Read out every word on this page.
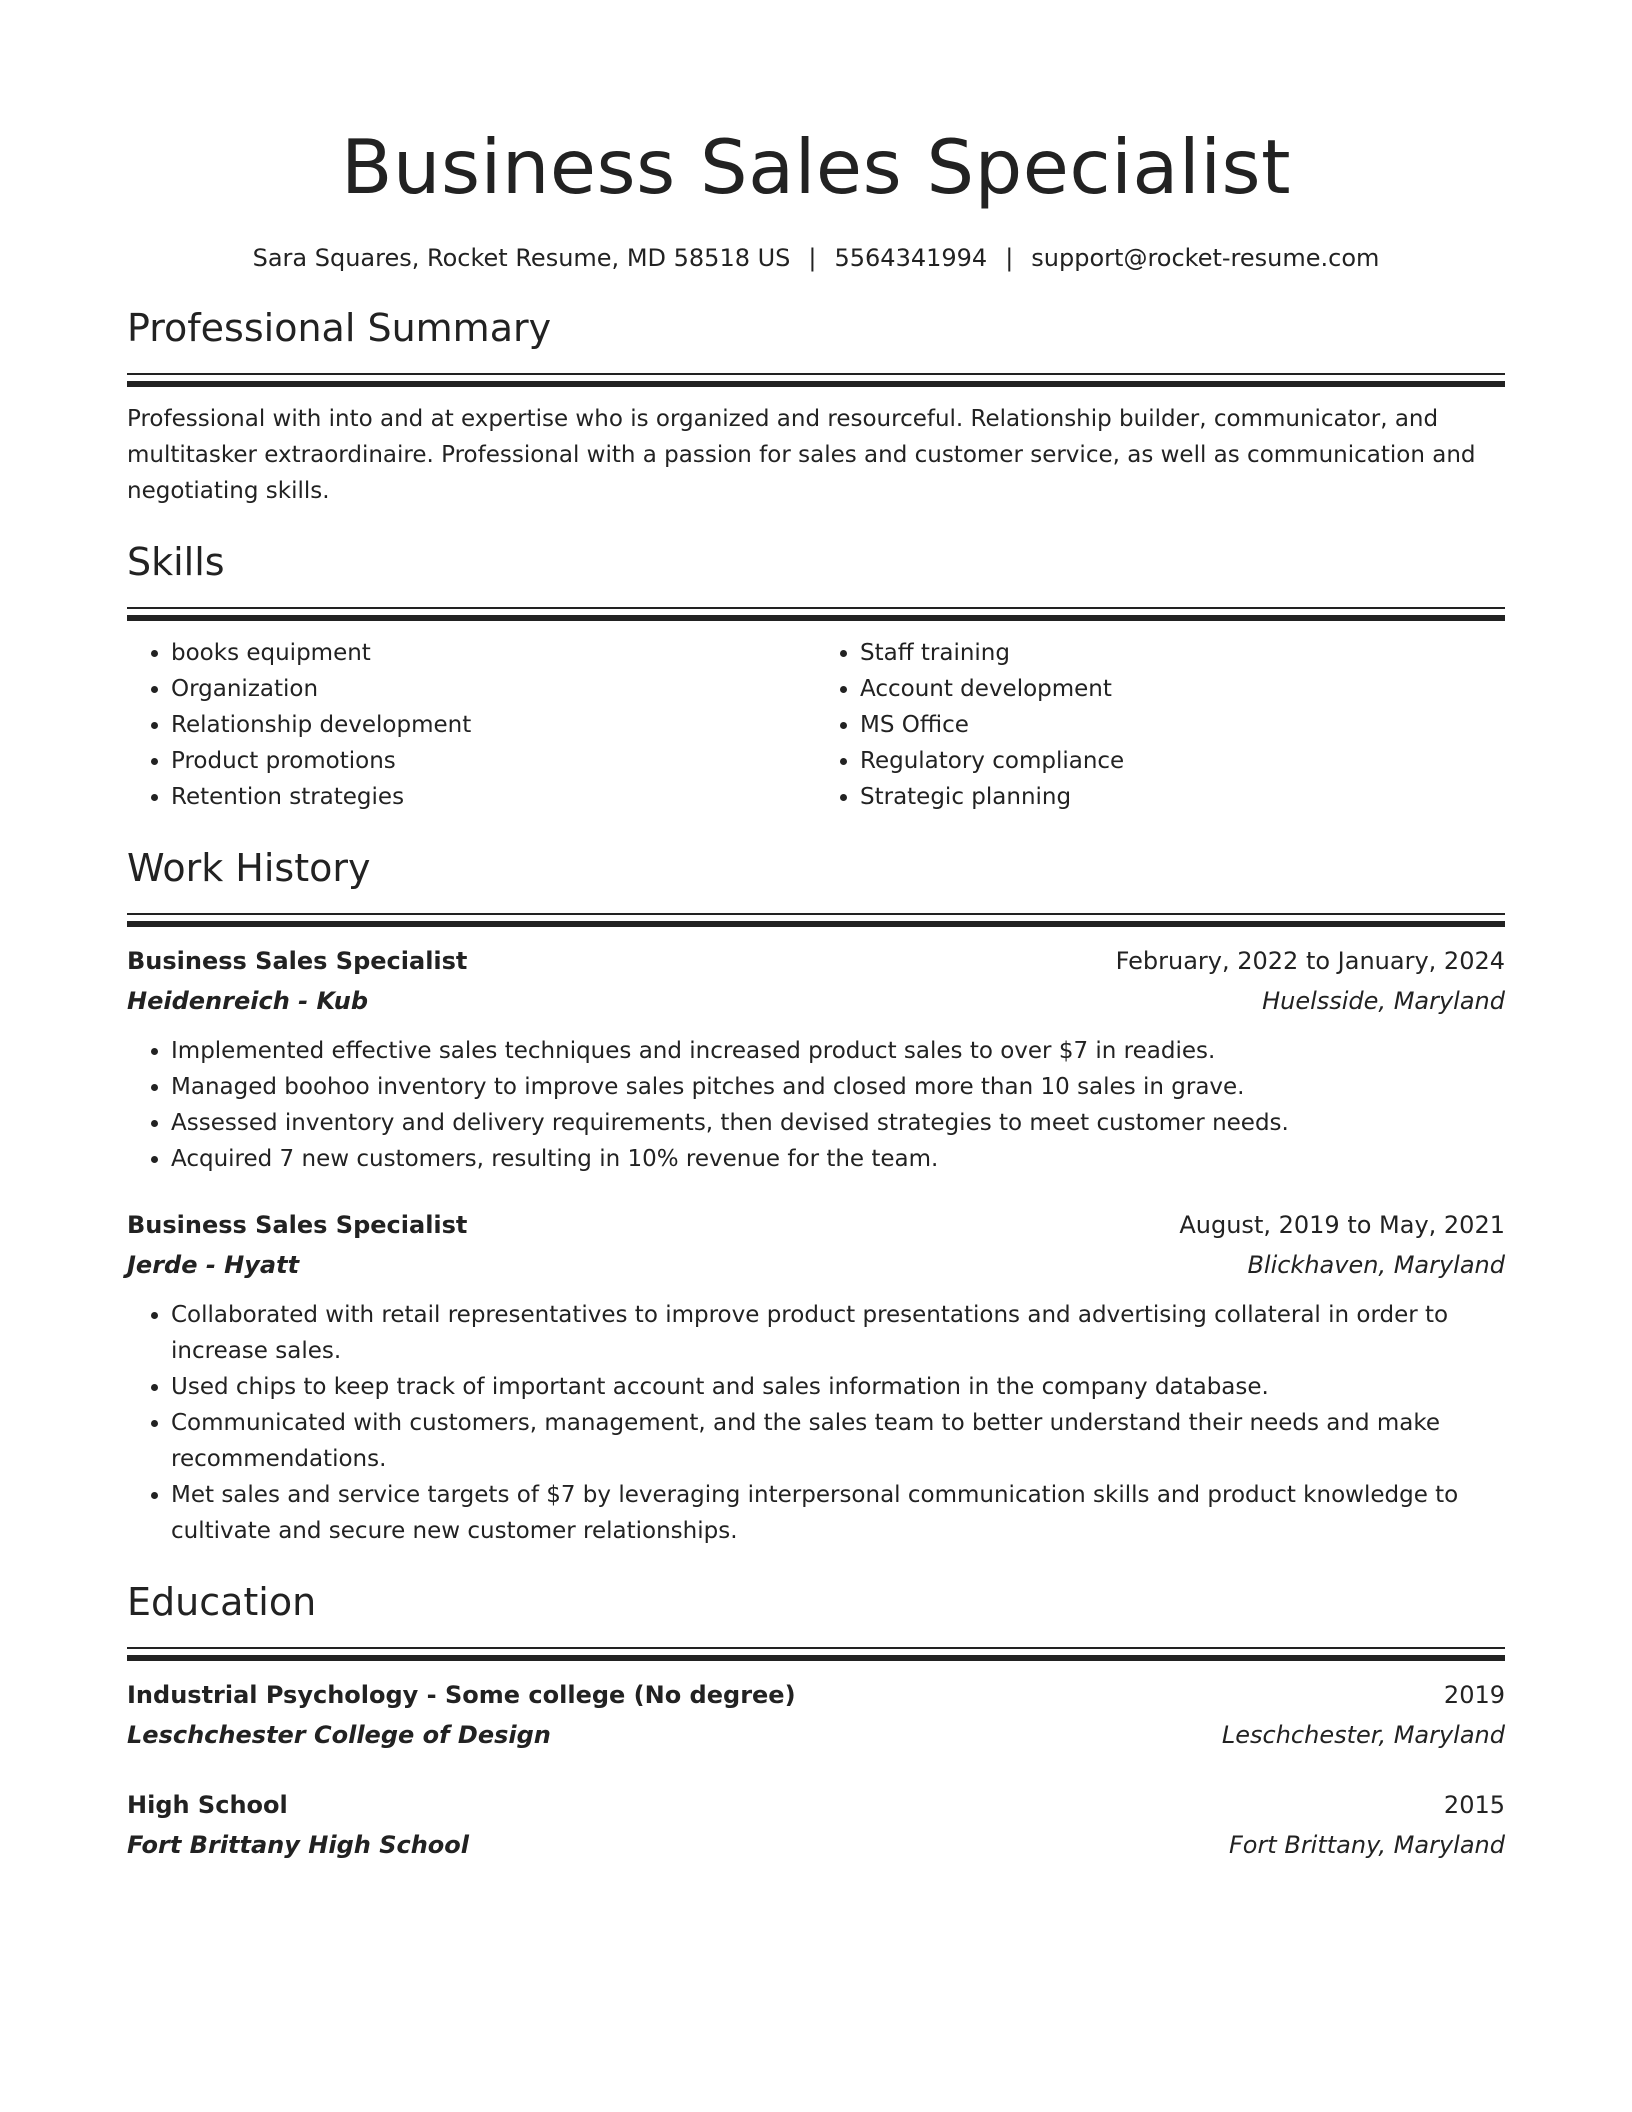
Business Sales Specialist
Sara Squares, Rocket Resume, MD 58518 US | 5564341994 | support@rocket-resume.com
Professional Summary
Professional with into and at expertise who is organized and resourceful. Relationship builder, communicator, and multitasker extraordinaire. Professional with a passion for sales and customer service, as well as communication and negotiating skills.
Skills
• books equipment
• Organization
• Relationship development
• Product promotions
• Retention strategies
• Staff training
• Account development
• MS Office
• Regulatory compliance
• Strategic planning
Work History
Business Sales Specialist	February, 2022 to January, 2024
Heidenreich - Kub	Huelsside, Maryland
• Implemented effective sales techniques and increased product sales to over $7 in readies.
• Managed boohoo inventory to improve sales pitches and closed more than 10 sales in grave.
• Assessed inventory and delivery requirements, then devised strategies to meet customer needs.
• Acquired 7 new customers, resulting in 10% revenue for the team.
Business Sales Specialist	August, 2019 to May, 2021
Jerde - Hyatt	Blickhaven, Maryland
• Collaborated with retail representatives to improve product presentations and advertising collateral in order to increase sales.
• Used chips to keep track of important account and sales information in the company database.
• Communicated with customers, management, and the sales team to better understand their needs and make recommendations.
• Met sales and service targets of $7 by leveraging interpersonal communication skills and product knowledge to cultivate and secure new customer relationships.
Education
Industrial Psychology - Some college (No degree)	2019
Leschchester College of Design	Leschchester, Maryland
High School	2015
Fort Brittany High School	Fort Brittany, Maryland
